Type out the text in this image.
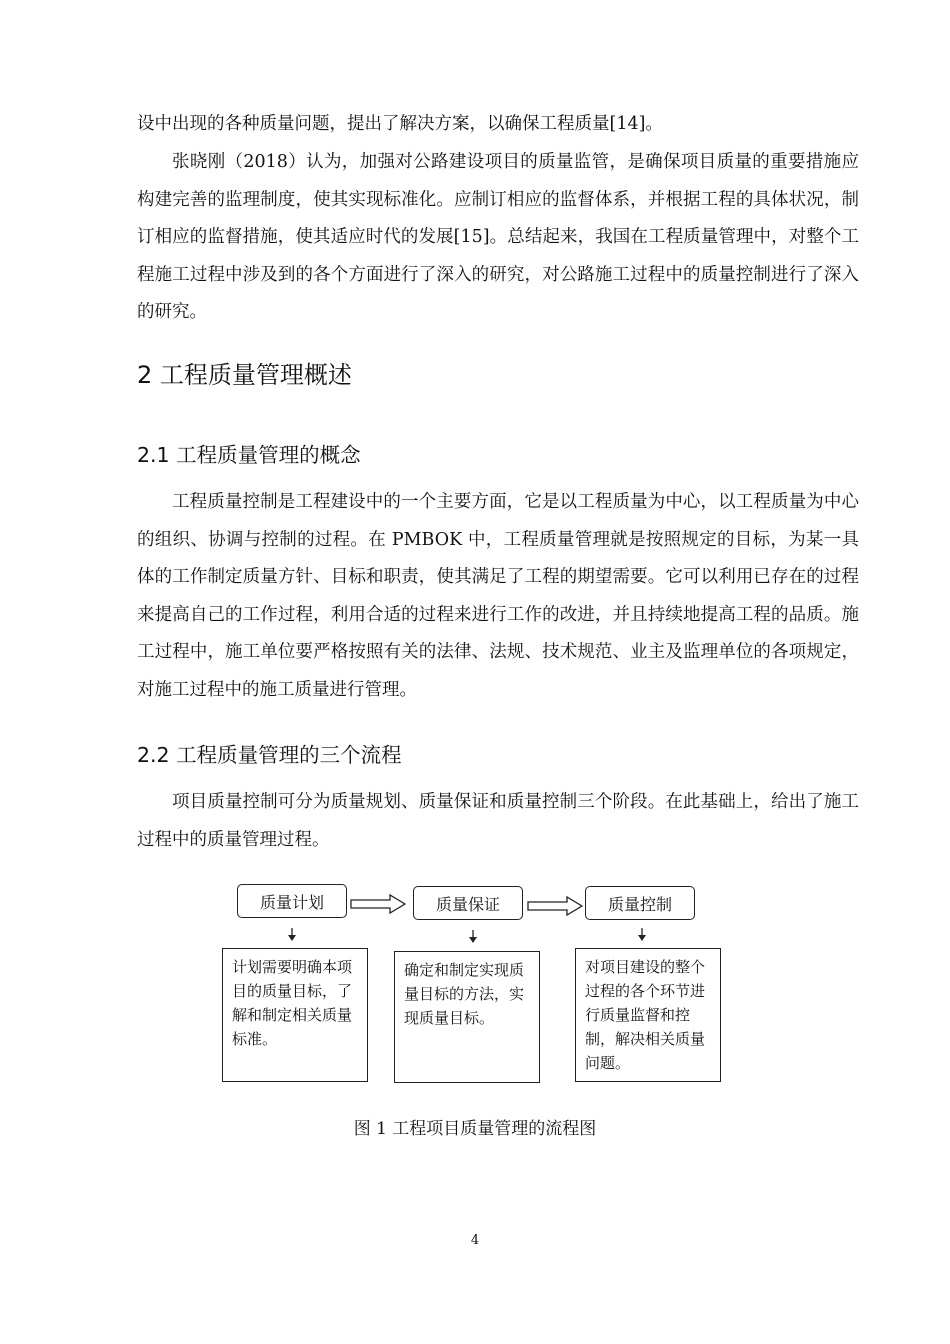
设中出现的各种质量问题，提出了解决方案，以确保工程质量[14]。

张晓刚（2018）认为，加强对公路建设项目的质量监管，是确保项目质量的重要措施应构建完善的监理制度，使其实现标准化。应制订相应的监督体系，并根据工程的具体状况，制订相应的监督措施，使其适应时代的发展[15]。总结起来，我国在工程质量管理中，对整个工程施工过程中涉及到的各个方面进行了深入的研究，对公路施工过程中的质量控制进行了深入的研究。

2 工程质量管理概述
2.1 工程质量管理的概念

工程质量控制是工程建设中的一个主要方面，它是以工程质量为中心，以工程质量为中心的组织、协调与控制的过程。在 PMBOK 中，工程质量管理就是按照规定的目标，为某一具体的工作制定质量方针、目标和职责，使其满足了工程的期望需要。它可以利用已存在的过程来提高自己的工作过程，利用合适的过程来进行工作的改进，并且持续地提高工程的品质。施工过程中，施工单位要严格按照有关的法律、法规、技术规范、业主及监理单位的各项规定，对施工过程中的施工质量进行管理。

2.2 工程质量管理的三个流程

项目质量控制可分为质量规划、质量保证和质量控制三个阶段。在此基础上，给出了施工过程中的质量管理过程。

质量计划	质量保证	质量控制
计划需要明确本项目的质量目标，了解和制定相关质量标准。
确定和制定实现质量目标的方法，实现质量目标。
对项目建设的整个过程的各个环节进行质量监督和控制，解决相关质量问题。
图 1 工程项目质量管理的流程图
4
